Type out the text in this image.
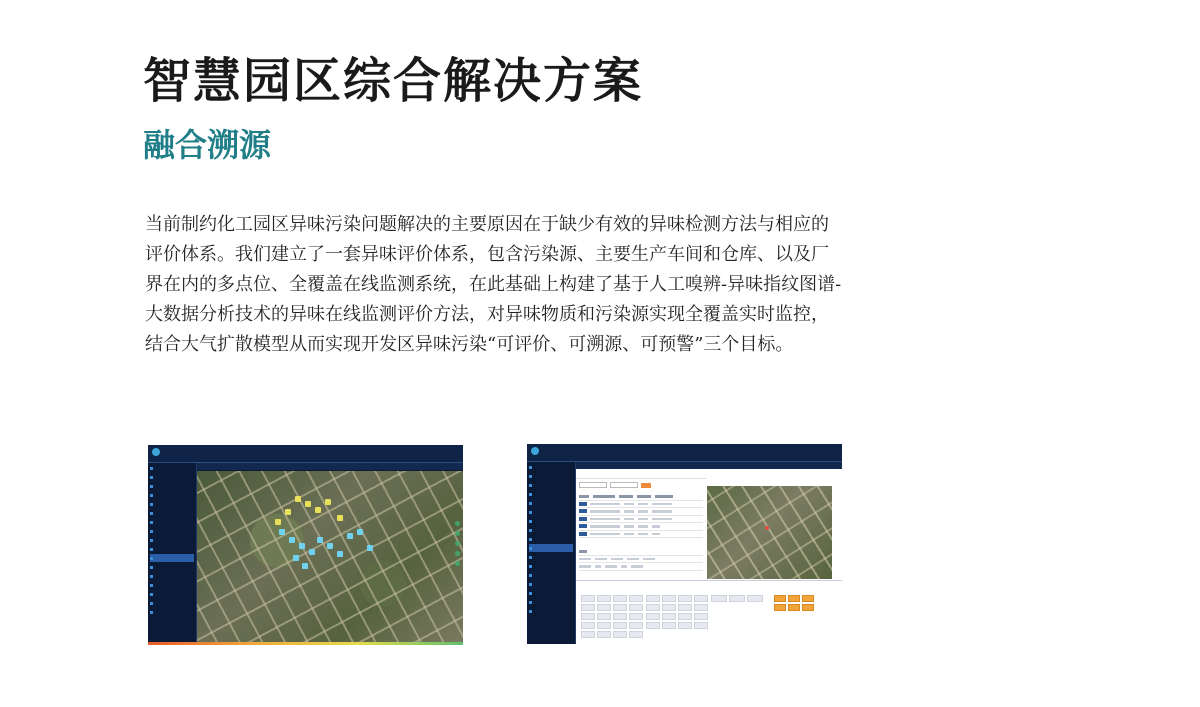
智慧园区综合解决方案
融合溯源
当前制约化工园区异味污染问题解决的主要原因在于缺少有效的异味检测方法与相应的评价体系。我们建立了一套异味评价体系，包含污染源、主要生产车间和仓库、以及厂界在内的多点位、全覆盖在线监测系统，在此基础上构建了基于人工嗅辨-异味指纹图谱-大数据分析技术的异味在线监测评价方法，对异味物质和污染源实现全覆盖实时监控，结合大气扩散模型从而实现开发区异味污染“可评价、可溯源、可预警”三个目标。
